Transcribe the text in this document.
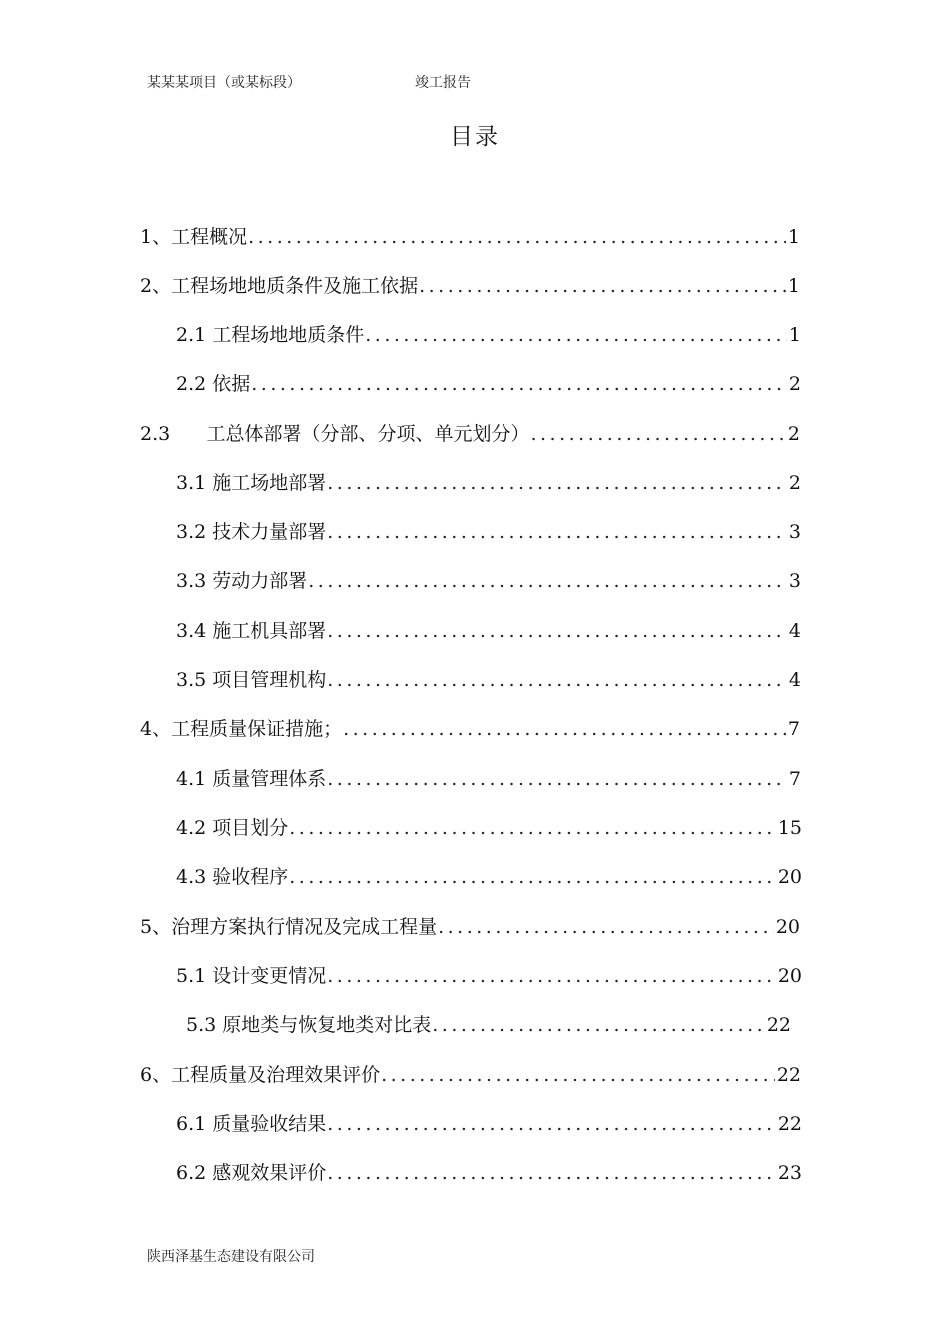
某某某项目（或某标段）	竣工报告
目录
1、工程概况 .....	1
2、工程场地地质条件及施工依据 .....	1
2.1 工程场地地质条件 .....	1
2.2 依据 .....	2
2.3      工总体部署（分部、分项、单元划分） .....	2
3.1 施工场地部署 .....	2
3.2 技术力量部署 .....	3
3.3 劳动力部署 .....	3
3.4 施工机具部署 .....	4
3.5 项目管理机构 .....	4
4、工程质量保证措施； .....	7
4.1 质量管理体系 .....	7
4.2 项目划分 .....	15
4.3 验收程序 .....	20
5、治理方案执行情况及完成工程量 .....	20
5.1 设计变更情况 .....	20
5.3 原地类与恢复地类对比表 .....	22
6、工程质量及治理效果评价 .....	22
6.1 质量验收结果 .....	22
6.2 感观效果评价 .....	23
陕西泽基生态建设有限公司
